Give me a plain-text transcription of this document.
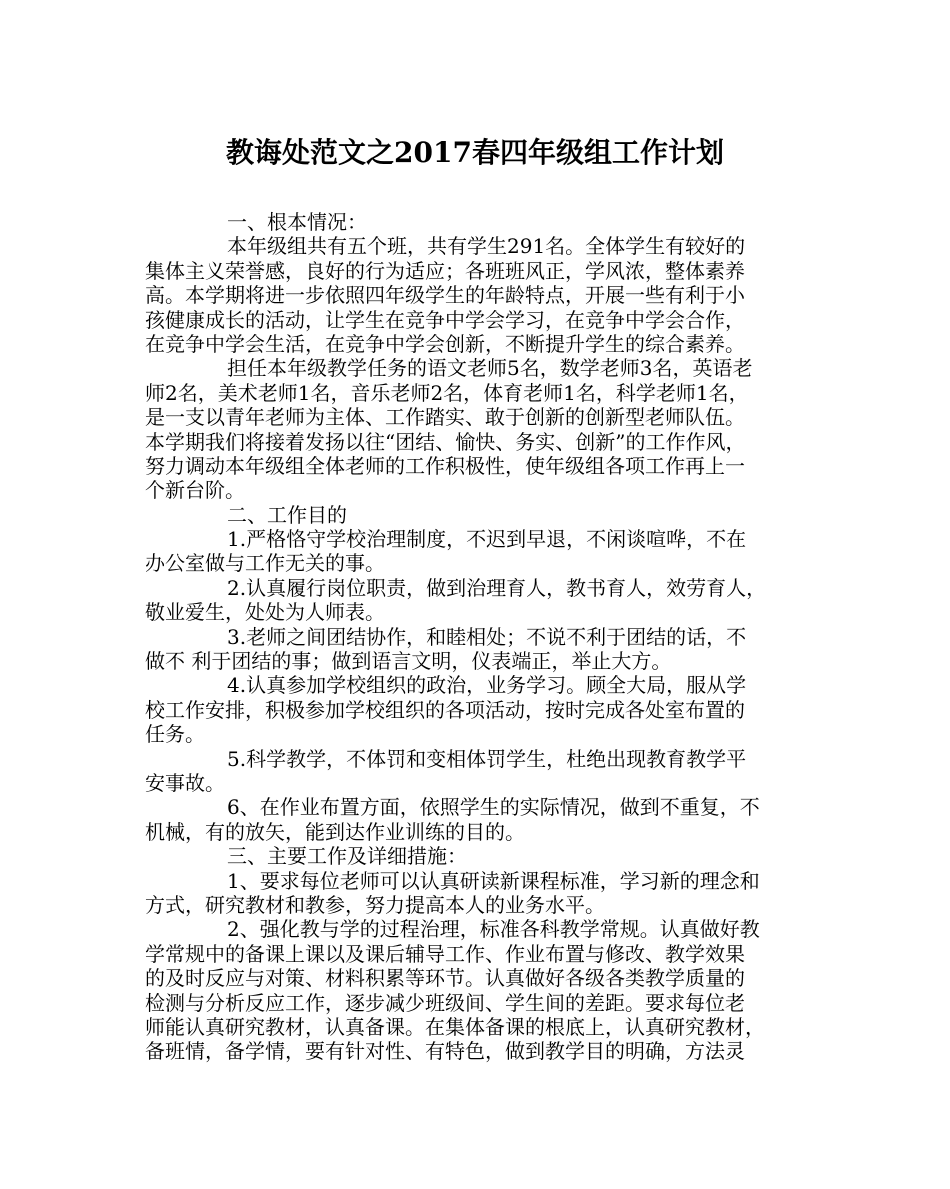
教诲处范文之2017春四年级组工作计划
一、根本情况：
本年级组共有五个班，共有学生291名。全体学生有较好的
集体主义荣誉感，良好的行为适应；各班班风正，学风浓，整体素养
高。本学期将进一步依照四年级学生的年龄特点，开展一些有利于小
孩健康成长的活动，让学生在竞争中学会学习，在竞争中学会合作，
在竞争中学会生活，在竞争中学会创新，不断提升学生的综合素养。
担任本年级教学任务的语文老师5名，数学老师3名，英语老
师2名，美术老师1名，音乐老师2名，体育老师1名，科学老师1名，
是一支以青年老师为主体、工作踏实、敢于创新的创新型老师队伍。
本学期我们将接着发扬以往“团结、愉快、务实、创新”的工作作风，
努力调动本年级组全体老师的工作积极性，使年级组各项工作再上一
个新台阶。
二、工作目的
1.严格恪守学校治理制度，不迟到早退，不闲谈喧哗，不在
办公室做与工作无关的事。
2.认真履行岗位职责，做到治理育人，教书育人，效劳育人，
敬业爱生，处处为人师表。
3.老师之间团结协作，和睦相处；不说不利于团结的话，不
做不 利于团结的事；做到语言文明，仪表端正，举止大方。
4.认真参加学校组织的政治，业务学习。顾全大局，服从学
校工作安排，积极参加学校组织的各项活动，按时完成各处室布置的
任务。
5.科学教学，不体罚和变相体罚学生，杜绝出现教育教学平
安事故。
6、在作业布置方面，依照学生的实际情况，做到不重复，不
机械，有的放矢，能到达作业训练的目的。
三、主要工作及详细措施：
1、要求每位老师可以认真研读新课程标准，学习新的理念和
方式，研究教材和教参，努力提高本人的业务水平。
2、强化教与学的过程治理，标准各科教学常规。认真做好教
学常规中的备课上课以及课后辅导工作、作业布置与修改、教学效果
的及时反应与对策、材料积累等环节。认真做好各级各类教学质量的
检测与分析反应工作，逐步减少班级间、学生间的差距。要求每位老
师能认真研究教材，认真备课。在集体备课的根底上，认真研究教材，
备班情，备学情，要有针对性、有特色，做到教学目的明确，方法灵
